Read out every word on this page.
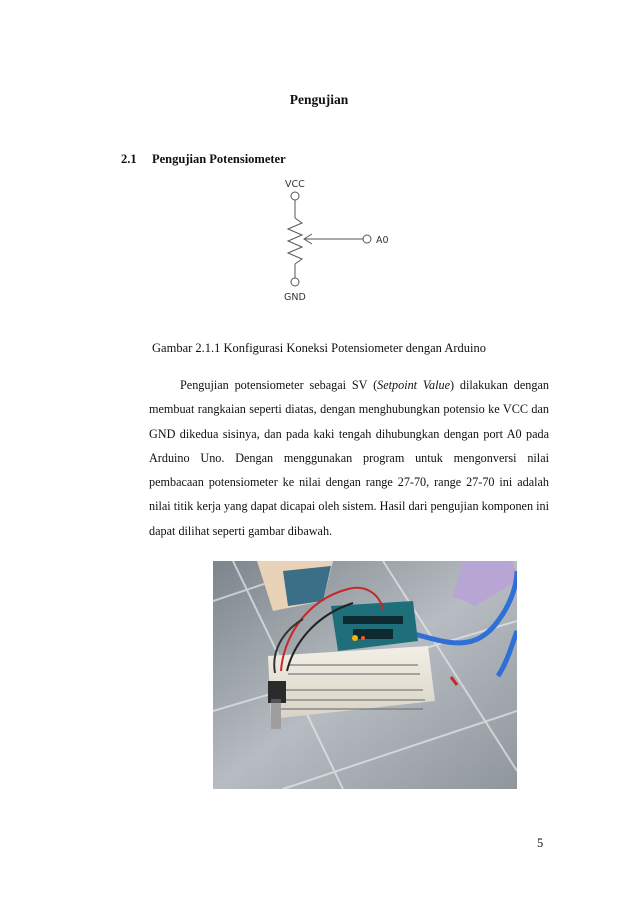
Pengujian
2.1 Pengujian Potensiometer
VCC
GND
A0
Gambar 2.1.1 Konfigurasi Koneksi Potensiometer dengan Arduino

Pengujian potensiometer sebagai SV (Setpoint Value) dilakukan dengan membuat rangkaian seperti diatas, dengan menghubungkan potensio ke VCC dan GND dikedua sisinya, dan pada kaki tengah dihubungkan dengan port A0 pada Arduino Uno. Dengan menggunakan program untuk mengonversi nilai pembacaan potensiometer ke nilai dengan range 27-70, range 27-70 ini adalah nilai titik kerja yang dapat dicapai oleh sistem. Hasil dari pengujian komponen ini dapat dilihat seperti gambar dibawah.

5
